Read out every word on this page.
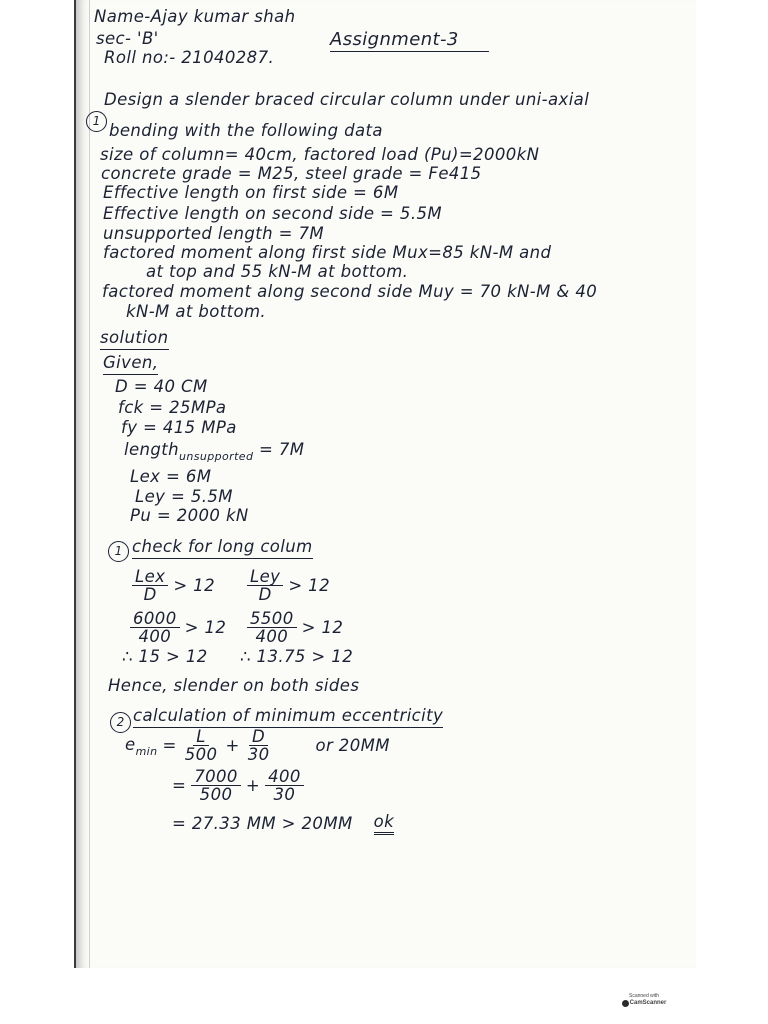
Name-Ajay kumar shah
sec- 'B'
Roll no:- 21040287.
Assignment-3
1
Design a slender braced circular column under uni-axial
bending with the following data
size of column= 40cm, factored load (Pu)=2000kN
concrete grade = M25, steel grade = Fe415
Effective length on first side = 6M
Effective length on second side = 5.5M
unsupported length = 7M
factored moment along first side Mux=85 kN-M and
at top and 55 kN-M at bottom.
factored moment along second side Muy = 70 kN-M & 40
kN-M at bottom.
solution
Given,
D = 40 CM
fck = 25MPa
fy = 415 MPa
length$_{unsupported}$ = 7M
Lex = 6M
Ley = 5.5M
Pu = 2000 kN
1 check for long colum
$\frac{\text{Lex}}{D} > 12 \frac{\text{Ley}}{D} > 12$
$\frac{6000}{400} > 12 \frac{5500}{400} > 12$
∴ 15 > 12 ∴ 13.75 > 12
Hence, slender on both sides
2 calculation of minimum eccentricity
$e_{min} = \frac{L}{500} + \frac{D}{30}$	or 20MM
= $\frac{7000}{500} + \frac{400}{30}$
= 27.33 MM > 20MM ok
Scanned with
CamScanner
